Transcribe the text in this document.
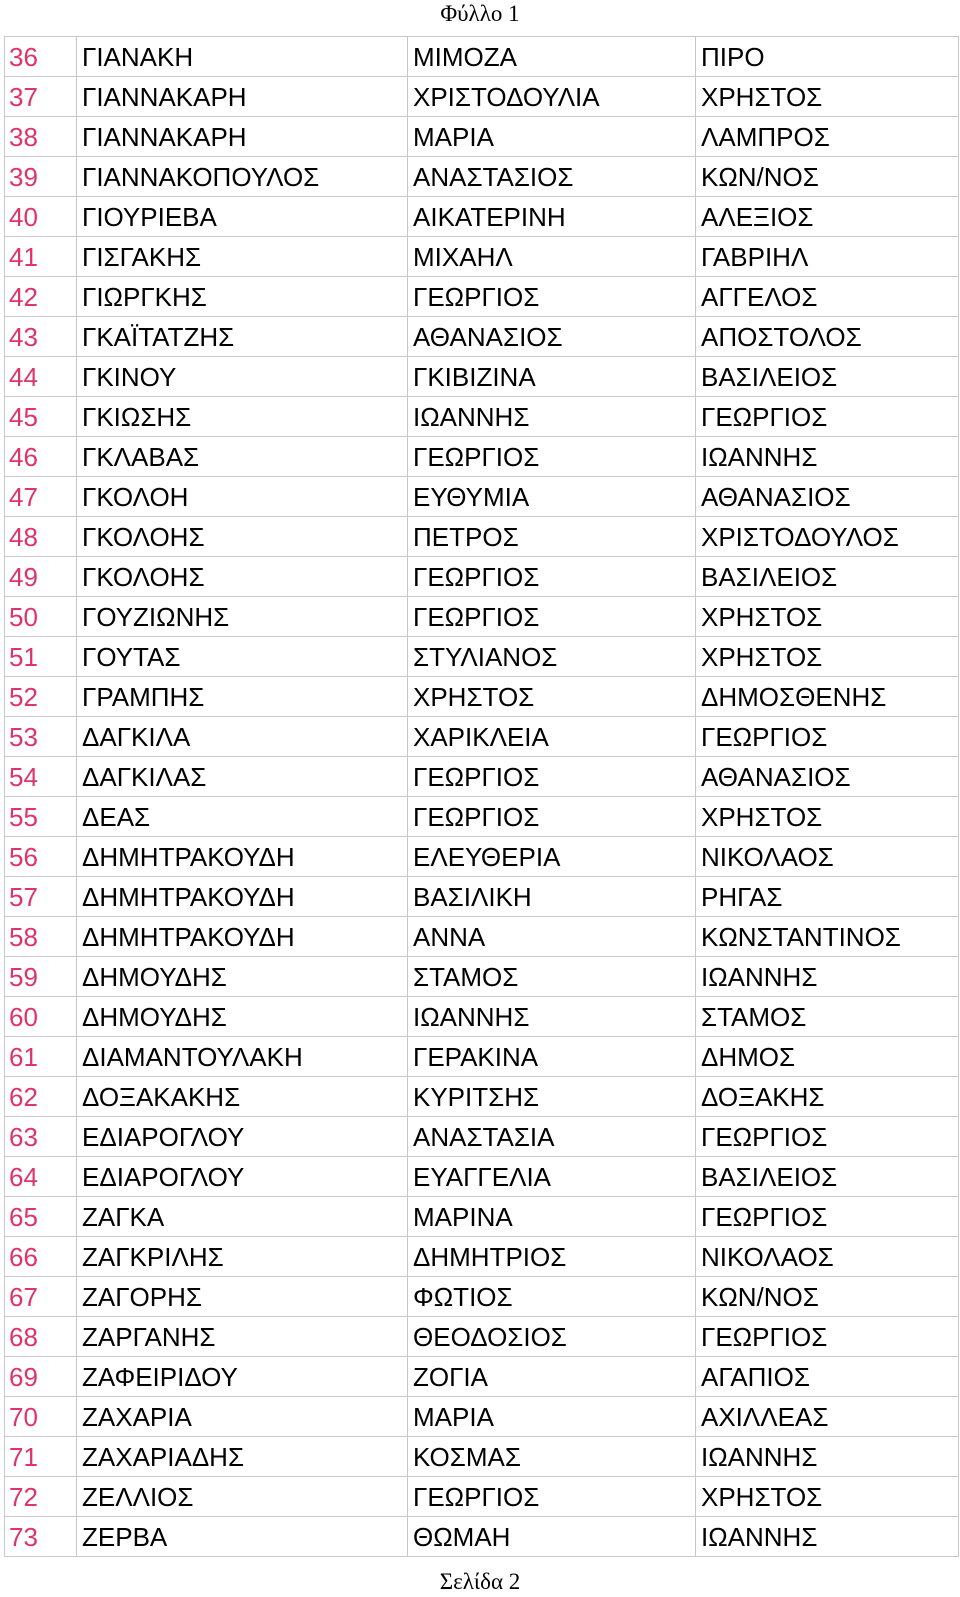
Φύλλο 1
36	ΓΙΑΝΑΚΗ	ΜΙΜΟΖΑ	ΠΙΡΟ
37	ΓΙΑΝΝΑΚΑΡΗ	ΧΡΙΣΤΟΔΟΥΛΙΑ	ΧΡΗΣΤΟΣ
38	ΓΙΑΝΝΑΚΑΡΗ	ΜΑΡΙΑ	ΛΑΜΠΡΟΣ
39	ΓΙΑΝΝΑΚΟΠΟΥΛΟΣ	ΑΝΑΣΤΑΣΙΟΣ	ΚΩΝ/ΝΟΣ
40	ΓΙΟΥΡΙΕΒΑ	ΑΙΚΑΤΕΡΙΝΗ	ΑΛΕΞΙΟΣ
41	ΓΙΣΓΑΚΗΣ	ΜΙΧΑΗΛ	ΓΑΒΡΙΗΛ
42	ΓΙΩΡΓΚΗΣ	ΓΕΩΡΓΙΟΣ	ΑΓΓΕΛΟΣ
43	ΓΚΑΪΤΑΤΖΗΣ	ΑΘΑΝΑΣΙΟΣ	ΑΠΟΣΤΟΛΟΣ
44	ΓΚΙΝΟΥ	ΓΚΙΒΙΖΙΝΑ	ΒΑΣΙΛΕΙΟΣ
45	ΓΚΙΩΣΗΣ	ΙΩΑΝΝΗΣ	ΓΕΩΡΓΙΟΣ
46	ΓΚΛΑΒΑΣ	ΓΕΩΡΓΙΟΣ	ΙΩΑΝΝΗΣ
47	ΓΚΟΛΟΗ	ΕΥΘΥΜΙΑ	ΑΘΑΝΑΣΙΟΣ
48	ΓΚΟΛΟΗΣ	ΠΕΤΡΟΣ	ΧΡΙΣΤΟΔΟΥΛΟΣ
49	ΓΚΟΛΟΗΣ	ΓΕΩΡΓΙΟΣ	ΒΑΣΙΛΕΙΟΣ
50	ΓΟΥΖΙΩΝΗΣ	ΓΕΩΡΓΙΟΣ	ΧΡΗΣΤΟΣ
51	ΓΟΥΤΑΣ	ΣΤΥΛΙΑΝΟΣ	ΧΡΗΣΤΟΣ
52	ΓΡΑΜΠΗΣ	ΧΡΗΣΤΟΣ	ΔΗΜΟΣΘΕΝΗΣ
53	ΔΑΓΚΙΛΑ	ΧΑΡΙΚΛΕΙΑ	ΓΕΩΡΓΙΟΣ
54	ΔΑΓΚΙΛΑΣ	ΓΕΩΡΓΙΟΣ	ΑΘΑΝΑΣΙΟΣ
55	ΔΕΑΣ	ΓΕΩΡΓΙΟΣ	ΧΡΗΣΤΟΣ
56	ΔΗΜΗΤΡΑΚΟΥΔΗ	ΕΛΕΥΘΕΡΙΑ	ΝΙΚΟΛΑΟΣ
57	ΔΗΜΗΤΡΑΚΟΥΔΗ	ΒΑΣΙΛΙΚΗ	ΡΗΓΑΣ
58	ΔΗΜΗΤΡΑΚΟΥΔΗ	ΑΝΝΑ	ΚΩΝΣΤΑΝΤΙΝΟΣ
59	ΔΗΜΟΥΔΗΣ	ΣΤΑΜΟΣ	ΙΩΑΝΝΗΣ
60	ΔΗΜΟΥΔΗΣ	ΙΩΑΝΝΗΣ	ΣΤΑΜΟΣ
61	ΔΙΑΜΑΝΤΟΥΛΑΚΗ	ΓΕΡΑΚΙΝΑ	ΔΗΜΟΣ
62	ΔΟΞΑΚΑΚΗΣ	ΚΥΡΙΤΣΗΣ	ΔΟΞΑΚΗΣ
63	ΕΔΙΑΡΟΓΛΟΥ	ΑΝΑΣΤΑΣΙΑ	ΓΕΩΡΓΙΟΣ
64	ΕΔΙΑΡΟΓΛΟΥ	ΕΥΑΓΓΕΛΙΑ	ΒΑΣΙΛΕΙΟΣ
65	ΖΑΓΚΑ	ΜΑΡΙΝΑ	ΓΕΩΡΓΙΟΣ
66	ΖΑΓΚΡΙΛΗΣ	ΔΗΜΗΤΡΙΟΣ	ΝΙΚΟΛΑΟΣ
67	ΖΑΓΟΡΗΣ	ΦΩΤΙΟΣ	ΚΩΝ/ΝΟΣ
68	ΖΑΡΓΑΝΗΣ	ΘΕΟΔΟΣΙΟΣ	ΓΕΩΡΓΙΟΣ
69	ΖΑΦΕΙΡΙΔΟΥ	ΖΟΓΙΑ	ΑΓΑΠΙΟΣ
70	ΖΑΧΑΡΙΑ	ΜΑΡΙΑ	ΑΧΙΛΛΕΑΣ
71	ΖΑΧΑΡΙΑΔΗΣ	ΚΟΣΜΑΣ	ΙΩΑΝΝΗΣ
72	ΖΕΛΛΙΟΣ	ΓΕΩΡΓΙΟΣ	ΧΡΗΣΤΟΣ
73	ΖΕΡΒΑ	ΘΩΜΑΗ	ΙΩΑΝΝΗΣ
Σελίδα 2
